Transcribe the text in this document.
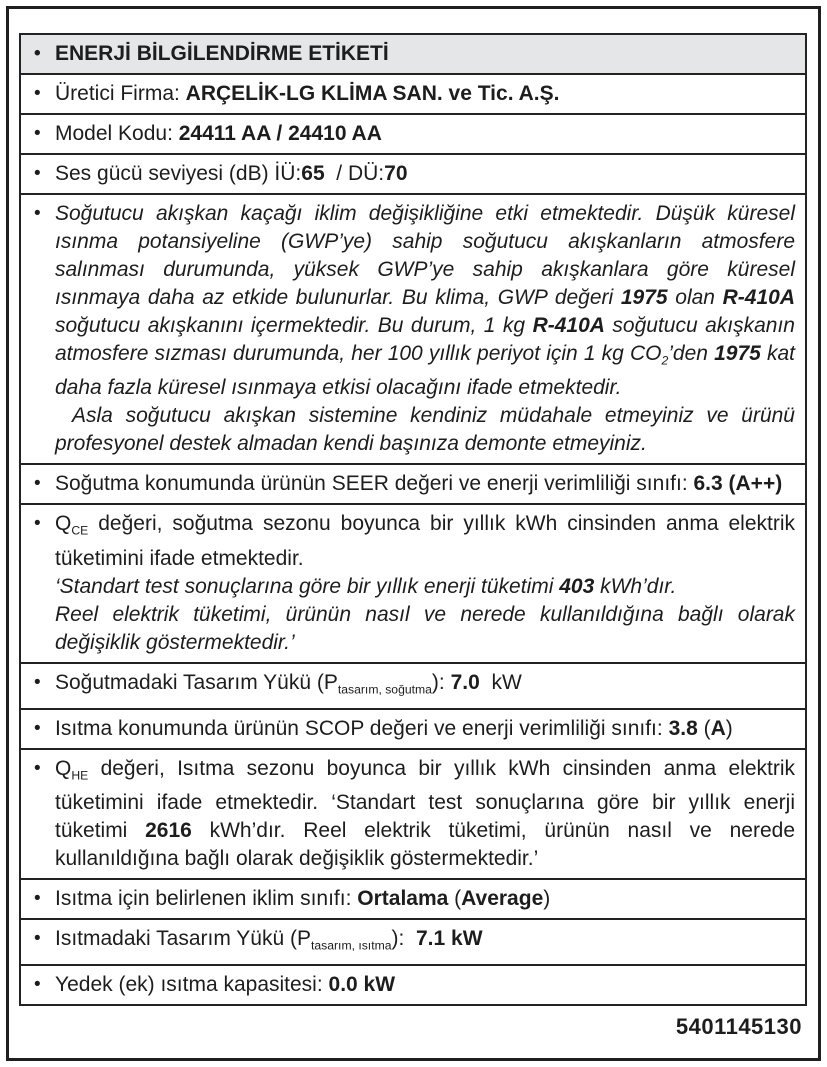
• ENERJİ BİLGİLENDİRME ETİKETİ

• Üretici Firma: ARÇELİK-LG KLİMA SAN. ve Tic. A.Ş.

• Model Kodu: 24411 AA / 24410 AA

• Ses gücü seviyesi (dB) İÜ:65  / DÜ:70

• Soğutucu akışkan kaçağı iklim değişikliğine etki etmektedir. Düşük küresel ısınma potansiyeline (GWP’ye) sahip soğutucu akışkanların atmosfere salınması durumunda, yüksek GWP’ye sahip akışkanlara göre küresel ısınmaya daha az etkide bulunurlar. Bu klima, GWP değeri 1975 olan R-410A soğutucu akışkanını içermektedir. Bu durum, 1 kg R-410A soğutucu akışkanın atmosfere sızması durumunda, her 100 yıllık periyot için 1 kg $CO_2’den$ 1975 kat daha fazla küresel ısınmaya etkisi olacağını ifade etmektedir.

Asla soğutucu akışkan sistemine kendiniz müdahale etmeyiniz ve ürünü profesyonel destek almadan kendi başınıza demonte etmeyiniz.

• Soğutma konumunda ürünün SEER değeri ve enerji verimliliği sınıfı: 6.3 (A++)

• $Q_{CE}$ değeri, soğutma sezonu boyunca bir yıllık kWh cinsinden anma elektrik tüketimini ifade etmektedir.

‘Standart test sonuçlarına göre bir yıllık enerji tüketimi 403 kWh’dır.

Reel elektrik tüketimi, ürünün nasıl ve nerede kullanıldığına bağlı olarak değişiklik göstermektedir.’

• Soğutmadaki Tasarım Yükü $(P_{tasarım, soğutma})$: 7.0  kW

• Isıtma konumunda ürünün SCOP değeri ve enerji verimliliği sınıfı: 3.8 (A)

• $Q_{HE}$ değeri, Isıtma sezonu boyunca bir yıllık kWh cinsinden anma elektrik tüketimini ifade etmektedir. ‘Standart test sonuçlarına göre bir yıllık enerji tüketimi 2616 kWh’dır. Reel elektrik tüketimi, ürünün nasıl ve nerede kullanıldığına bağlı olarak değişiklik göstermektedir.’

• Isıtma için belirlenen iklim sınıfı: Ortalama (Average)

• Isıtmadaki Tasarım Yükü $(P_{tasarım, ısıtma})$:  7.1 kW

• Yedek (ek) ısıtma kapasitesi: 0.0 kW

5401145130
